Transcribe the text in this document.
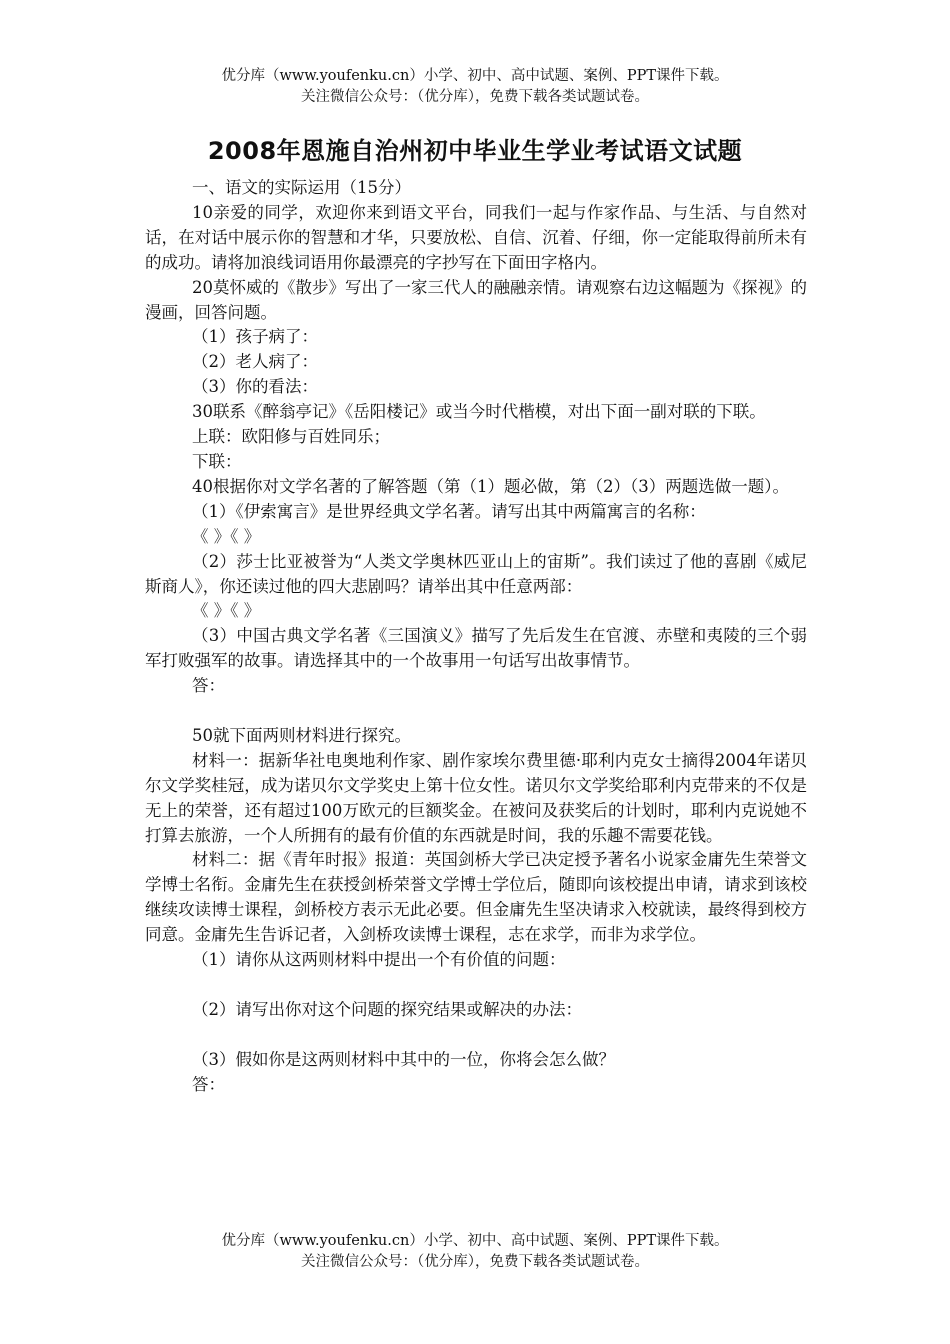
优分库（www.youfenku.cn）小学、初中、高中试题、案例、PPT课件下载。
关注微信公众号：（优分库），免费下载各类试题试卷。
2008年恩施自治州初中毕业生学业考试语文试题

一、语文的实际运用（15分）

10亲爱的同学，欢迎你来到语文平台，同我们一起与作家作品、与生活、与自然对话，在对话中展示你的智慧和才华，只要放松、自信、沉着、仔细，你一定能取得前所未有的成功。请将加浪线词语用你最漂亮的字抄写在下面田字格内。

20莫怀威的《散步》写出了一家三代人的融融亲情。请观察右边这幅题为《探视》的漫画，回答问题。

（1）孩子病了：

（2）老人病了：

（3）你的看法：

30联系《醉翁亭记》《岳阳楼记》或当今时代楷模，对出下面一副对联的下联。

上联：欧阳修与百姓同乐；

下联：

40根据你对文学名著的了解答题（第（1）题必做，第（2）（3）两题选做一题）。

（1）《伊索寓言》是世界经典文学名著。请写出其中两篇寓言的名称：

《 》《 》

（2）莎士比亚被誉为“人类文学奥林匹亚山上的宙斯”。我们读过了他的喜剧《威尼斯商人》，你还读过他的四大悲剧吗？请举出其中任意两部：

《 》《 》

（3）中国古典文学名著《三国演义》描写了先后发生在官渡、赤壁和夷陵的三个弱军打败强军的故事。请选择其中的一个故事用一句话写出故事情节。

答：

50就下面两则材料进行探究。

材料一：据新华社电奥地利作家、剧作家埃尔费里德·耶利内克女士摘得2004年诺贝尔文学奖桂冠，成为诺贝尔文学奖史上第十位女性。诺贝尔文学奖给耶利内克带来的不仅是无上的荣誉，还有超过100万欧元的巨额奖金。在被问及获奖后的计划时，耶利内克说她不打算去旅游，一个人所拥有的最有价值的东西就是时间，我的乐趣不需要花钱。

材料二：据《青年时报》报道：英国剑桥大学已决定授予著名小说家金庸先生荣誉文学博士名衔。金庸先生在获授剑桥荣誉文学博士学位后，随即向该校提出申请，请求到该校继续攻读博士课程，剑桥校方表示无此必要。但金庸先生坚决请求入校就读，最终得到校方同意。金庸先生告诉记者，入剑桥攻读博士课程，志在求学，而非为求学位。

（1）请你从这两则材料中提出一个有价值的问题：

（2）请写出你对这个问题的探究结果或解决的办法：

（3）假如你是这两则材料中其中的一位，你将会怎么做？

答：

优分库（www.youfenku.cn）小学、初中、高中试题、案例、PPT课件下载。
关注微信公众号：（优分库），免费下载各类试题试卷。
